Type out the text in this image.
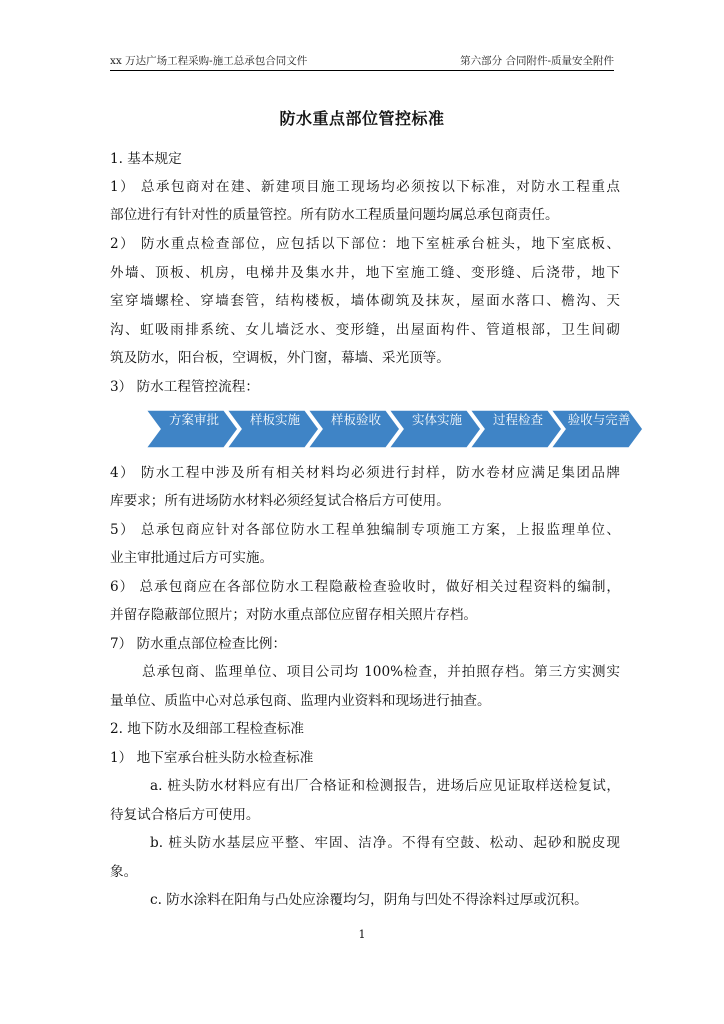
xx 万达广场工程采购-施工总承包合同文件	第六部分 合同附件-质量安全附件
防水重点部位管控标准
1. 基本规定
1） 总承包商对在建、新建项目施工现场均必须按以下标准，对防水工程重点
部位进行有针对性的质量管控。所有防水工程质量问题均属总承包商责任。
2） 防水重点检查部位，应包括以下部位：地下室桩承台桩头，地下室底板、
外墙、顶板、机房，电梯井及集水井，地下室施工缝、变形缝、后浇带，地下
室穿墙螺栓、穿墙套管，结构楼板，墙体砌筑及抹灰，屋面水落口、檐沟、天
沟、虹吸雨排系统、女儿墙泛水、变形缝，出屋面构件、管道根部，卫生间砌
筑及防水，阳台板，空调板，外门窗，幕墙、采光顶等。
3） 防水工程管控流程：
方案审批	样板实施	样板验收	实体实施	过程检查	验收与完善
4） 防水工程中涉及所有相关材料均必须进行封样，防水卷材应满足集团品牌
库要求；所有进场防水材料必须经复试合格后方可使用。
5） 总承包商应针对各部位防水工程单独编制专项施工方案，上报监理单位、
业主审批通过后方可实施。
6） 总承包商应在各部位防水工程隐蔽检查验收时，做好相关过程资料的编制，
并留存隐蔽部位照片；对防水重点部位应留存相关照片存档。
7） 防水重点部位检查比例：
总承包商、监理单位、项目公司均 100%检查，并拍照存档。第三方实测实
量单位、质监中心对总承包商、监理内业资料和现场进行抽查。
2. 地下防水及细部工程检查标准
1） 地下室承台桩头防水检查标准
a. 桩头防水材料应有出厂合格证和检测报告，进场后应见证取样送检复试，
待复试合格后方可使用。
b. 桩头防水基层应平整、牢固、洁净。不得有空鼓、松动、起砂和脱皮现
象。
c. 防水涂料在阳角与凸处应涂覆均匀，阴角与凹处不得涂料过厚或沉积。
1
